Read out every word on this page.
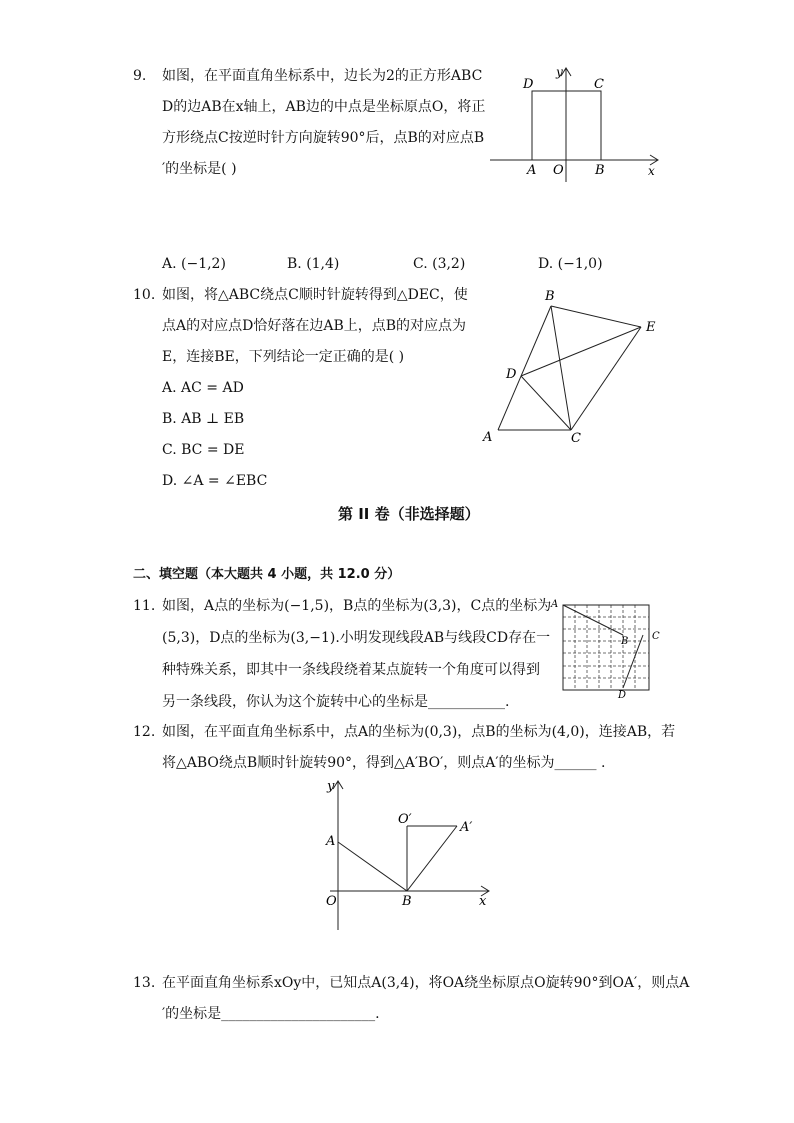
9. 如图，在平面直角坐标系中，边长为2的正方形ABC
D的边AB在x轴上，AB边的中点是坐标原点O，将正
方形绕点C按逆时针方向旋转90°后，点B的对应点B
′的坐标是( )
y
x
D	C
A O B
A. (−1,2)	B. (1,4)	C. (3,2)	D. (−1,0)
10. 如图，将△ABC绕点C顺时针旋转得到△DEC，使
点A的对应点D恰好落在边AB上，点B的对应点为
E，连接BE，下列结论一定正确的是( )
A. AC = AD
B. AB ⊥ EB
C. BC = DE
D. ∠A = ∠EBC
B
E
D
A	C
第 II 卷（非选择题）
二、填空题（本大题共 4 小题，共 12.0 分）
11. 如图，A点的坐标为(−1,5)，B点的坐标为(3,3)，C点的坐标为
(5,3)，D点的坐标为(3,−1).小明发现线段AB与线段CD存在一
种特殊关系，即其中一条线段绕着某点旋转一个角度可以得到
另一条线段，你认为这个旋转中心的坐标是___________.
A
B C
D
12. 如图，在平面直角坐标系中，点A的坐标为(0,3)，点B的坐标为(4,0)，连接AB，若
将△ABO绕点B顺时针旋转90°，得到△A′BO′，则点A′的坐标为______ .
y
O′
A′
A
O	B	x
13. 在平面直角坐标系xOy中，已知点A(3,4)，将OA绕坐标原点O旋转90°到OA′，则点A
′的坐标是______________________.
